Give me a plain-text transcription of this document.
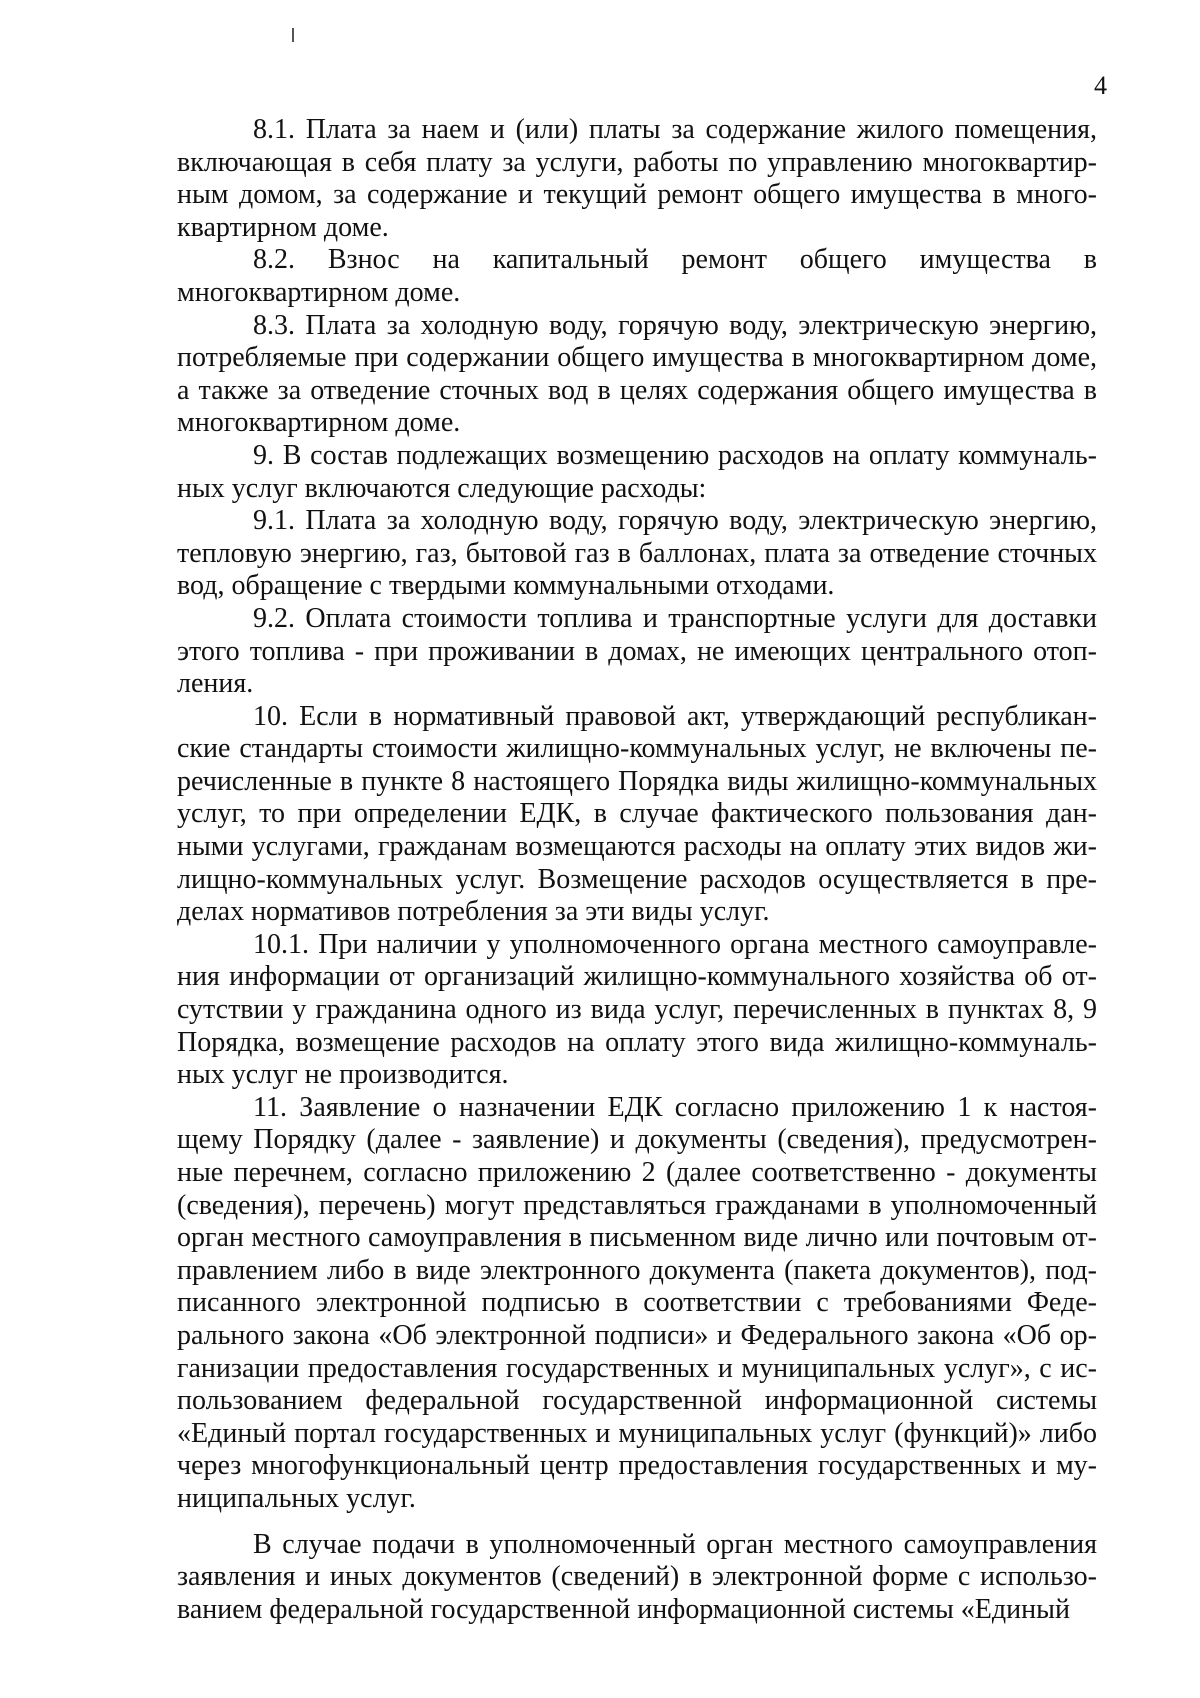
4

8.1. Плата за наем и (или) платы за содержание жилого помещения, включающая в себя плату за услуги, работы по управлению многоквартирным домом, за содержание и текущий ремонт общего имущества в многоквартирном доме.

8.2. Взнос на капитальный ремонт общего имущества в многоквартирном доме.

8.3. Плата за холодную воду, горячую воду, электрическую энергию, потребляемые при содержании общего имущества в многоквартирном доме, а также за отведение сточных вод в целях содержания общего имущества в многоквартирном доме.

9. В состав подлежащих возмещению расходов на оплату коммунальных услуг включаются следующие расходы:

9.1. Плата за холодную воду, горячую воду, электрическую энергию, тепловую энергию, газ, бытовой газ в баллонах, плата за отведение сточных вод, обращение с твердыми коммунальными отходами.

9.2. Оплата стоимости топлива и транспортные услуги для доставки этого топлива - при проживании в домах, не имеющих центрального отопления.

10. Если в нормативный правовой акт, утверждающий республиканские стандарты стоимости жилищно-коммунальных услуг, не включены перечисленные в пункте 8 настоящего Порядка виды жилищно-коммунальных услуг, то при определении ЕДК, в случае фактического пользования данными услугами, гражданам возмещаются расходы на оплату этих видов жилищно-коммунальных услуг. Возмещение расходов осуществляется в пределах нормативов потребления за эти виды услуг.

10.1. При наличии у уполномоченного органа местного самоуправления информации от организаций жилищно-коммунального хозяйства об отсутствии у гражданина одного из вида услуг, перечисленных в пунктах 8, 9 Порядка, возмещение расходов на оплату этого вида жилищно-коммунальных услуг не производится.

11. Заявление о назначении ЕДК согласно приложению 1 к настоящему Порядку (далее - заявление) и документы (сведения), предусмотренные перечнем, согласно приложению 2 (далее соответственно - документы (сведения), перечень) могут представляться гражданами в уполномоченный орган местного самоуправления в письменном виде лично или почтовым отправлением либо в виде электронного документа (пакета документов), подписанного электронной подписью в соответствии с требованиями Федерального закона «Об электронной подписи» и Федерального закона «Об организации предоставления государственных и муниципальных услуг», с использованием федеральной государственной информационной системы «Единый портал государственных и муниципальных услуг (функций)» либо через многофункциональный центр предоставления государственных и муниципальных услуг.

В случае подачи в уполномоченный орган местного самоуправления заявления и иных документов (сведений) в электронной форме с использованием федеральной государственной информационной системы «Единый
